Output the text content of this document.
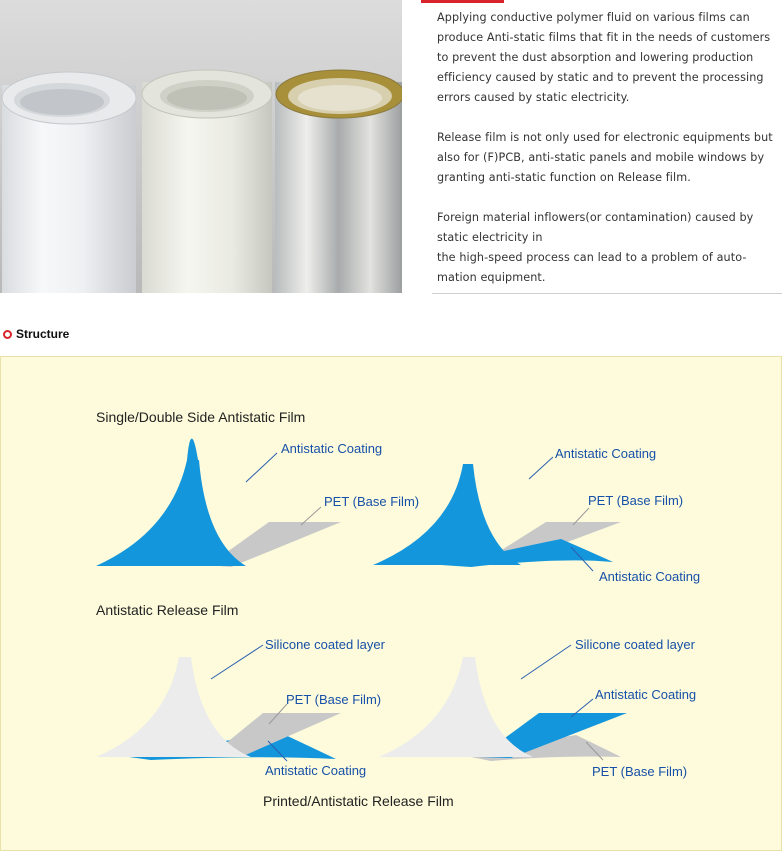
Applying conductive polymer fluid on various films can produce Anti-static films that fit in the needs of customers to prevent the dust absorption and lowering production efficiency caused by static and to prevent the processing errors caused by static electricity.

Release film is not only used for electronic equipments but also for (F)PCB, anti-static panels and mobile windows by granting anti-static function on Release film.

Foreign material inflowers(or contamination) caused by static electricity in
the high-speed process can lead to a problem of auto-mation equipment.

Structure
Single/Double Side Antistatic Film
Antistatic Release Film
Printed/Antistatic Release Film
Antistatic Coating
PET (Base Film)
Antistatic Coating
PET (Base Film)
Antistatic Coating
Silicone coated layer
PET (Base Film)
Antistatic Coating
Silicone coated layer
Antistatic Coating
PET (Base Film)
